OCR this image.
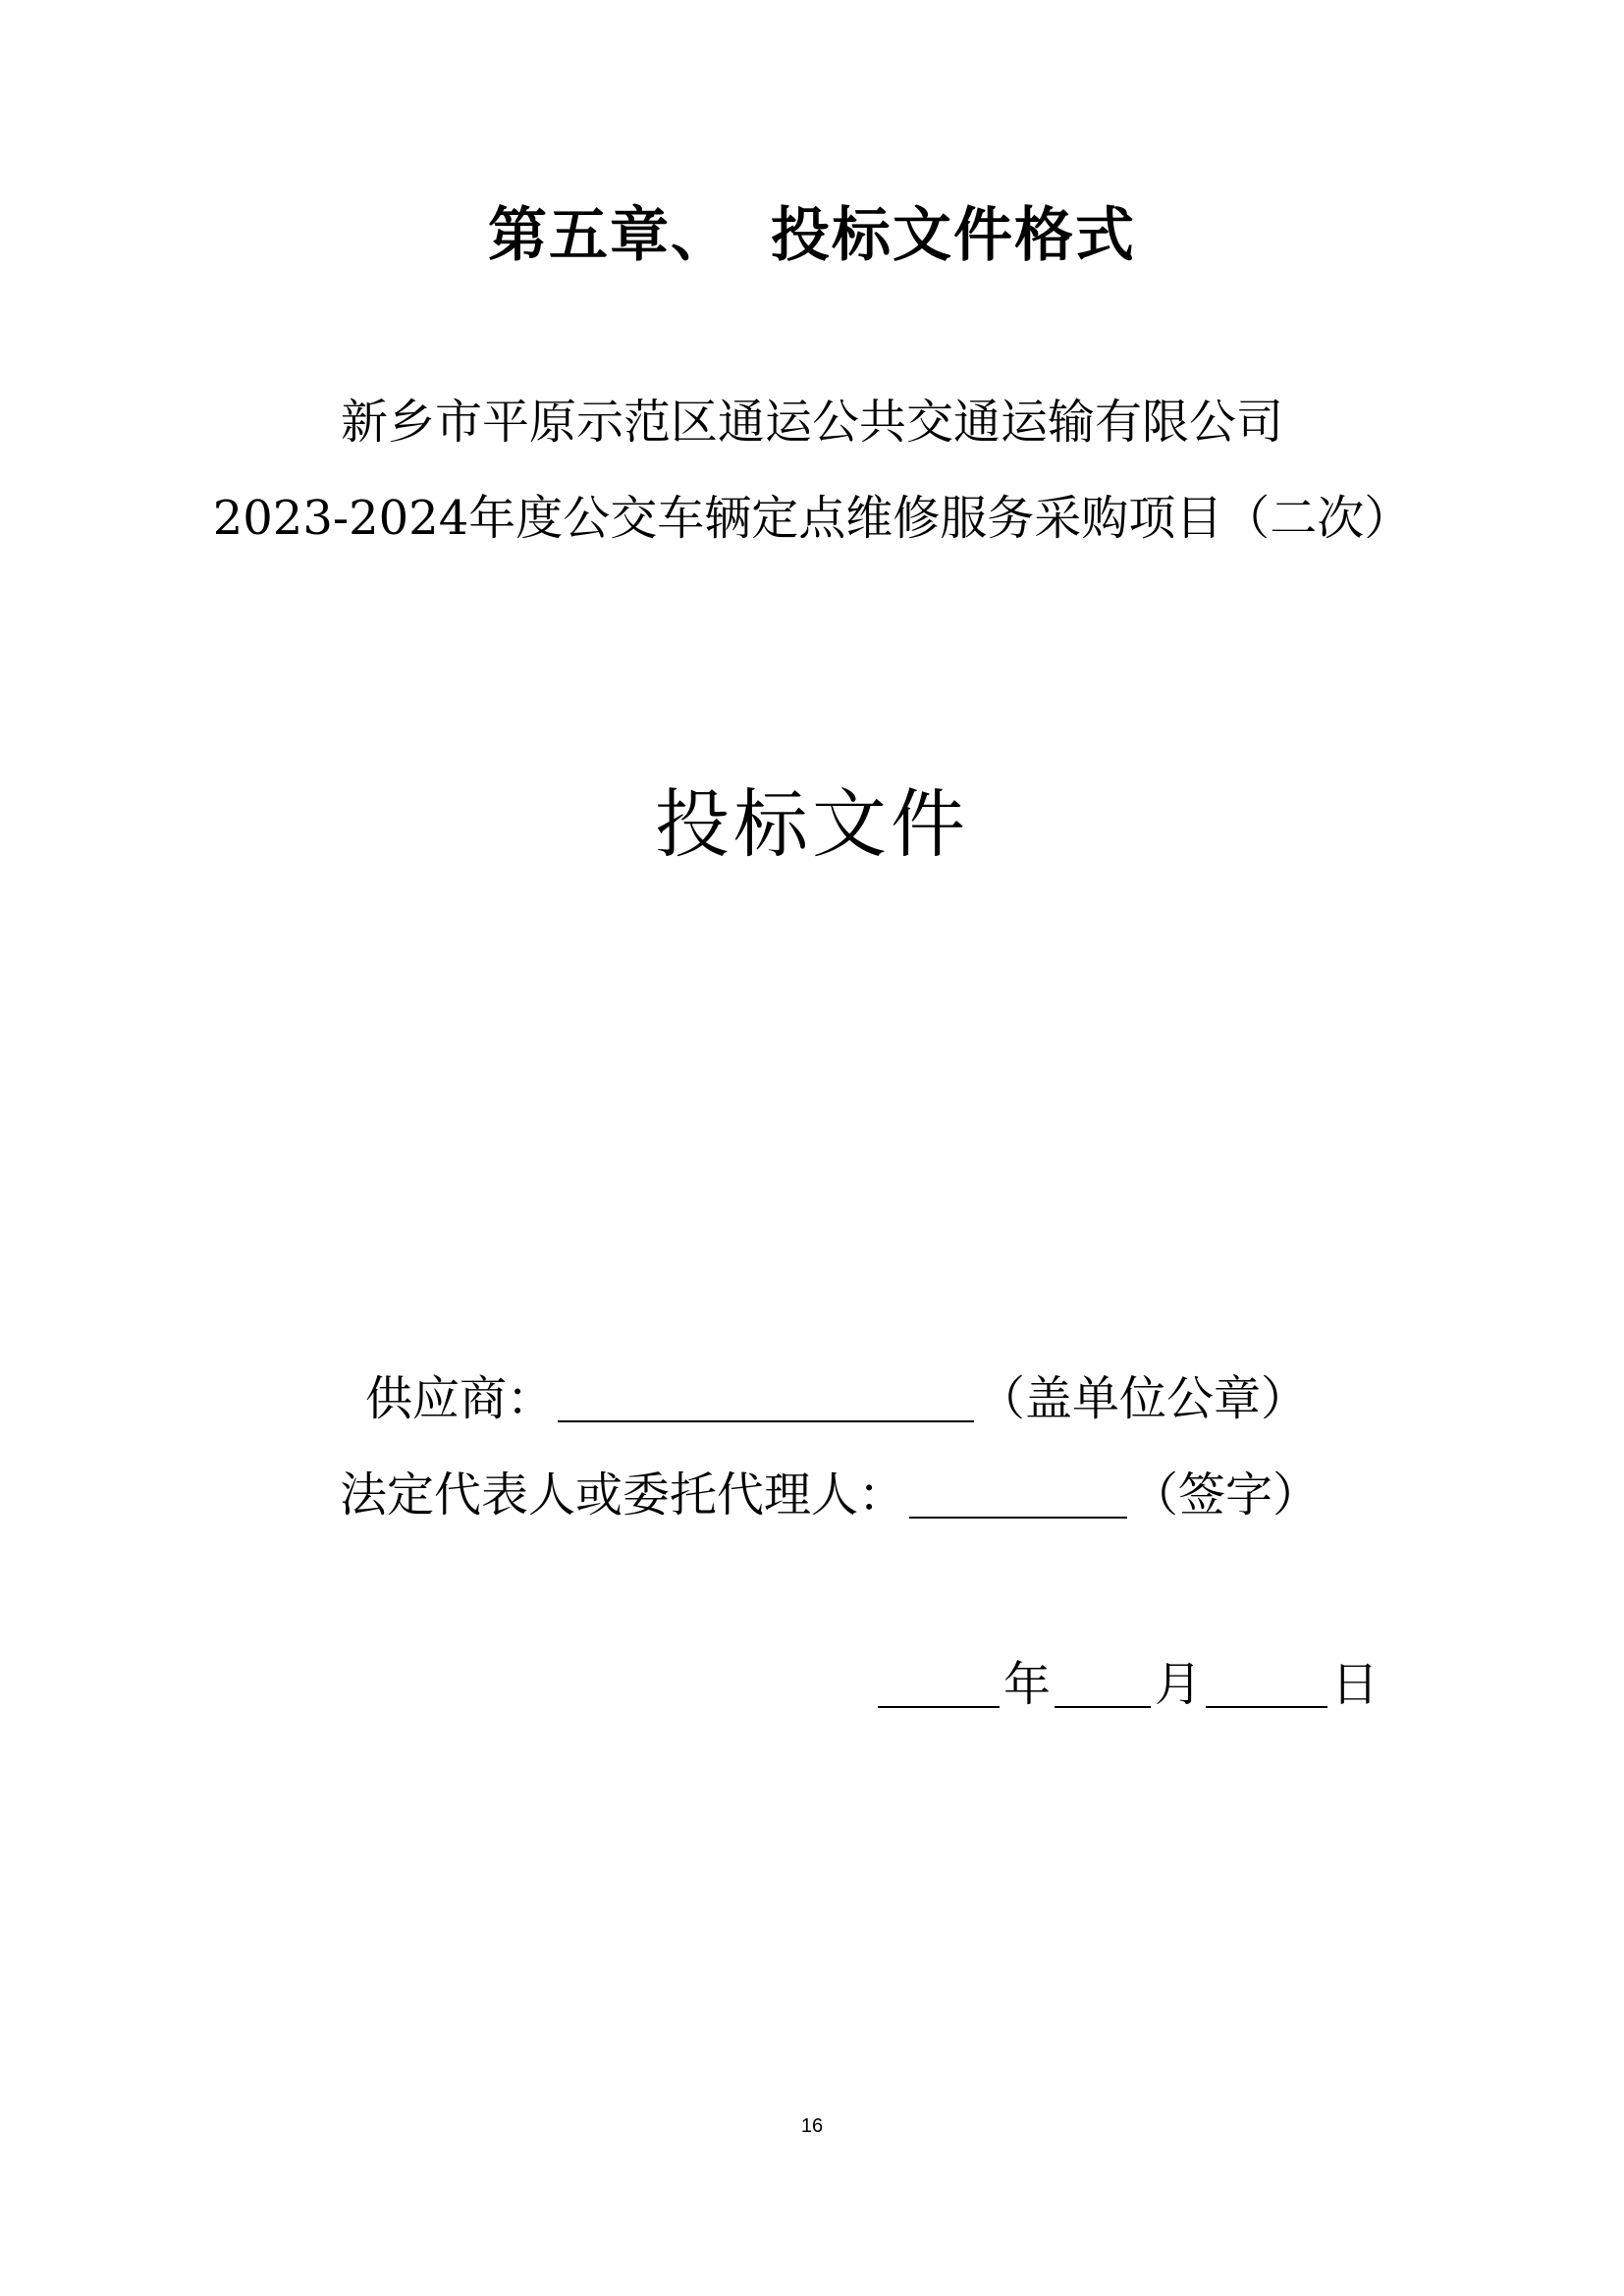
第五章、 投标文件格式
新乡市平原示范区通运公共交通运输有限公司
2023-2024年度公交车辆定点维修服务采购项目（二次）
投标文件
供应商：	（盖单位公章）
法定代表人或委托代理人：	（签字）
年 月	日
16
